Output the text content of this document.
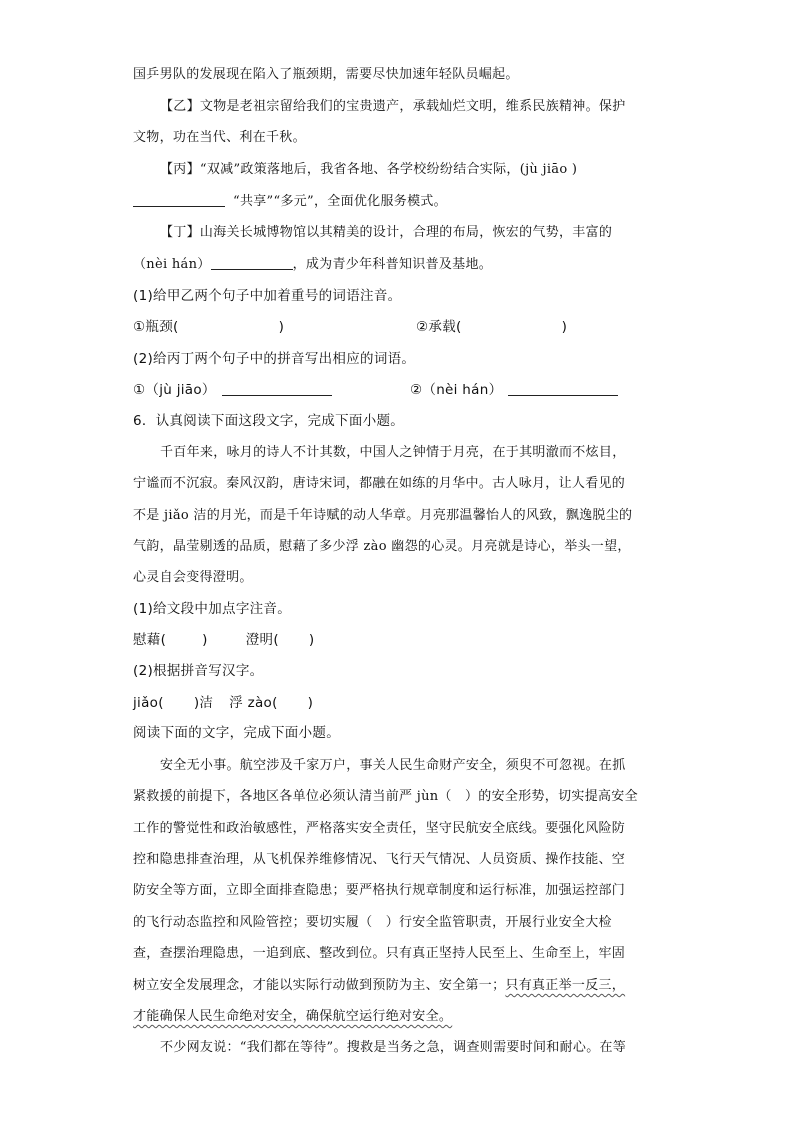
国乒男队的发展现在陷入了瓶颈期，需要尽快加速年轻队员崛起。
【乙】文物是老祖宗留给我们的宝贵遗产，承载灿烂文明，维系民族精神。保护
文物，功在当代、利在千秋。
【丙】“双减”政策落地后，我省各地、各学校纷纷结合实际，(jù jiāo )
“共享”“多元”，全面优化服务模式。
【丁】山海关长城博物馆以其精美的设计，合理的布局，恢宏的气势，丰富的
（nèi hán）	，成为青少年科普知识普及基地。
(1)给甲乙两个句子中加着重号的词语注音。
①瓶颈(	)	②承载(	)
(2)给丙丁两个句子中的拼音写出相应的词语。
①（jù jiāo）	②（nèi hán）
6．认真阅读下面这段文字，完成下面小题。
千百年来，咏月的诗人不计其数，中国人之钟情于月亮，在于其明澈而不炫目，
宁谧而不沉寂。秦风汉韵，唐诗宋词，都融在如练的月华中。古人咏月，让人看见的
不是 jiǎo 洁的月光，而是千年诗赋的动人华章。月亮那温馨怡人的风致，飘逸脱尘的
气韵，晶莹剔透的品质，慰藉了多少浮 zào 幽怨的心灵。月亮就是诗心，举头一望，
心灵自会变得澄明。
(1)给文段中加点字注音。
慰藉(	)	澄明( )
(2)根据拼音写汉字。
jiǎo( )洁 浮 zào( )
阅读下面的文字，完成下面小题。
安全无小事。航空涉及千家万户，事关人民生命财产安全，须臾不可忽视。在抓
紧救援的前提下，各地区各单位必须认清当前严 jùn（　）的安全形势，切实提高安全
工作的警觉性和政治敏感性，严格落实安全责任，坚守民航安全底线。要强化风险防
控和隐患排查治理，从飞机保养维修情况、飞行天气情况、人员资质、操作技能、空
防安全等方面，立即全面排查隐患；要严格执行规章制度和运行标准，加强运控部门
的飞行动态监控和风险管控；要切实履（　）行安全监管职责，开展行业安全大检
查，查摆治理隐患，一追到底、整改到位。只有真正坚持人民至上、生命至上，牢固
树立安全发展理念，才能以实际行动做到预防为主、安全第一；只有真正举一反三，
才能确保人民生命绝对安全，确保航空运行绝对安全。
不少网友说：“我们都在等待”。搜救是当务之急，调查则需要时间和耐心。在等
